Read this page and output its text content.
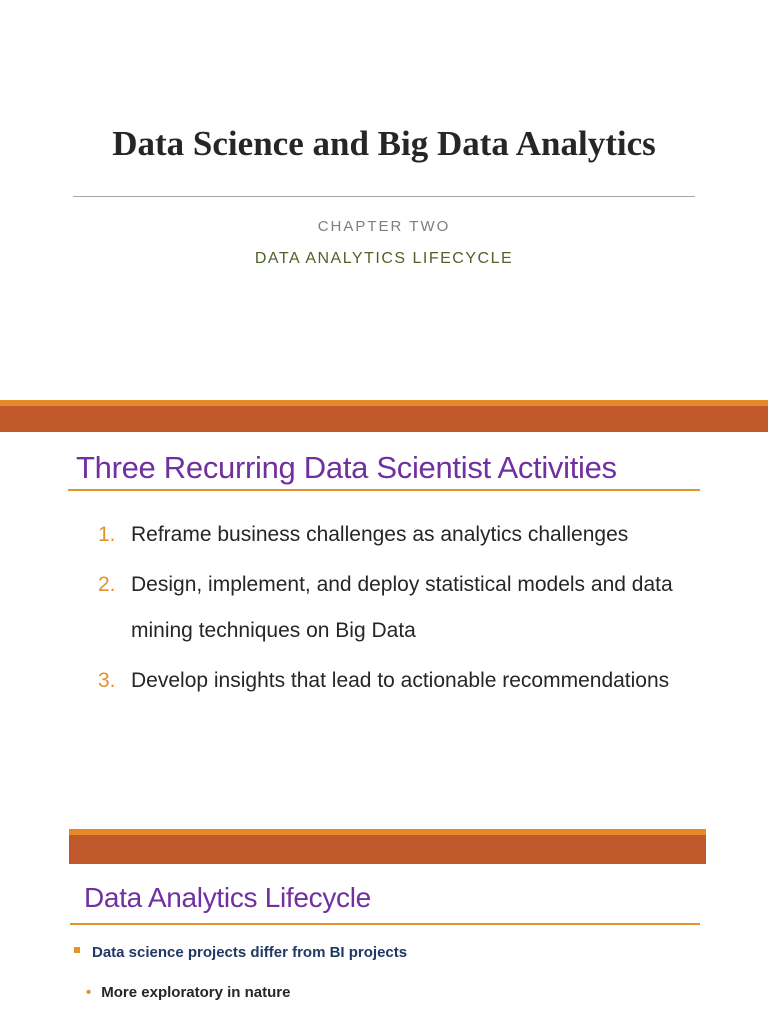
Data Science and Big Data Analytics
CHAPTER TWO
DATA ANALYTICS LIFECYCLE
Three Recurring Data Scientist Activities
1. Reframe business challenges as analytics challenges
2. Design, implement, and deploy statistical models and data mining techniques on Big Data
3. Develop insights that lead to actionable recommendations
Data Analytics Lifecycle
Data science projects differ from BI projects
• More exploratory in nature
